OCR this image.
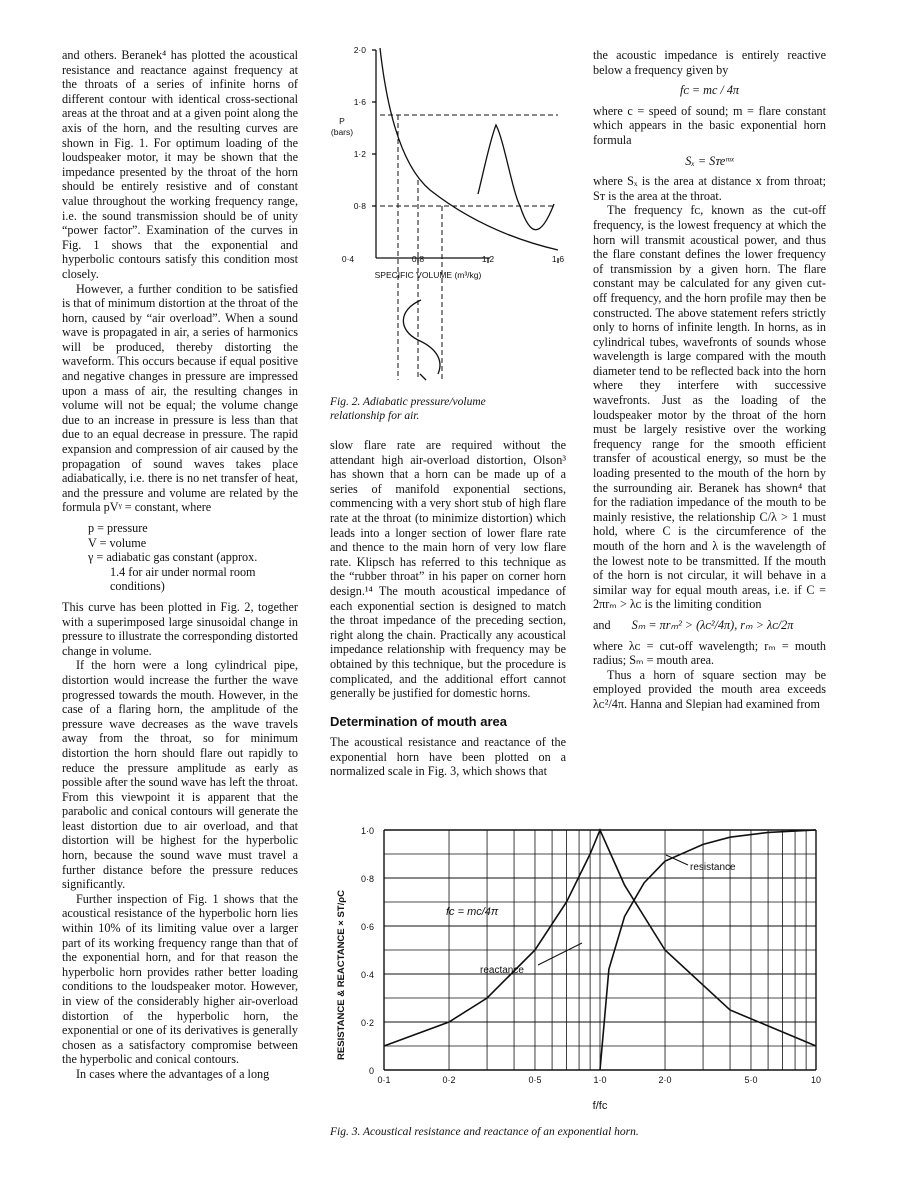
and others. Beranek⁴ has plotted the acoustical resistance and reactance against frequency at the throats of a series of infinite horns of different contour with identical cross-sectional areas at the throat and at a given point along the axis of the horn, and the resulting curves are shown in Fig. 1. For optimum loading of the loudspeaker motor, it may be shown that the impedance presented by the throat of the horn should be entirely resistive and of constant value throughout the working frequency range, i.e. the sound transmission should be of unity “power factor”. Examination of the curves in Fig. 1 shows that the exponential and hyperbolic contours satisfy this condition most closely.

However, a further condition to be satisfied is that of minimum distortion at the throat of the horn, caused by “air overload”. When a sound wave is propagated in air, a series of harmonics will be produced, thereby distorting the waveform. This occurs because if equal positive and negative changes in pressure are impressed upon a mass of air, the resulting changes in volume will not be equal; the volume change due to an increase in pressure is less than that due to an equal decrease in pressure. The rapid expansion and compression of air caused by the propagation of sound waves takes place adiabatically, i.e. there is no net transfer of heat, and the pressure and volume are related by the formula pVᵞ = constant, where

p = pressure
V = volume
γ = adiabatic gas constant (approx.
1.4 for air under normal room
conditions)

This curve has been plotted in Fig. 2, together with a superimposed large sinusoidal change in pressure to illustrate the corresponding distorted change in volume.

If the horn were a long cylindrical pipe, distortion would increase the further the wave progressed towards the mouth. However, in the case of a flaring horn, the amplitude of the pressure wave decreases as the wave travels away from the throat, so for minimum distortion the horn should flare out rapidly to reduce the pressure amplitude as early as possible after the sound wave has left the throat. From this viewpoint it is apparent that the parabolic and conical contours will generate the least distortion due to air overload, and that distortion will be highest for the hyperbolic horn, because the sound wave must travel a further distance before the pressure reduces significantly.

Further inspection of Fig. 1 shows that the acoustical resistance of the hyperbolic horn lies within 10% of its limiting value over a larger part of its working frequency range than that of the exponential horn, and for that reason the hyperbolic horn provides rather better loading conditions to the loudspeaker motor. However, in view of the considerably higher air-overload distortion of the hyperbolic horn, the exponential or one of its derivatives is generally chosen as a satisfactory compromise between the hyperbolic and conical contours.

In cases where the advantages of a long

2·0
1·6
1·2
0·8
0·4	0·8	1·2	1·6
P
(bars)
SPECIFIC VOLUME (m³/kg)
Fig. 2. Adiabatic pressure/volume relationship for air.

slow flare rate are required without the attendant high air-overload distortion, Olson³ has shown that a horn can be made up of a series of manifold exponential sections, commencing with a very short stub of high flare rate at the throat (to minimize distortion) which leads into a longer section of lower flare rate and thence to the main horn of very low flare rate. Klipsch has referred to this technique as the “rubber throat” in his paper on corner horn design.¹⁴ The mouth acoustical impedance of each exponential section is designed to match the throat impedance of the preceding section, right along the chain. Practically any acoustical impedance relationship with frequency may be obtained by this technique, but the procedure is complicated, and the additional effort cannot generally be justified for domestic horns.

Determination of mouth area

The acoustical resistance and reactance of the exponential horn have been plotted on a normalized scale in Fig. 3, which shows that

the acoustic impedance is entirely reactive below a frequency given by

fᴄ = mc / 4π

where c = speed of sound; m = flare constant which appears in the basic exponential horn formula

Sₓ = Sᴛeᵐˣ

where Sₓ is the area at distance x from throat; Sᴛ is the area at the throat.

The frequency fᴄ, known as the cut-off frequency, is the lowest frequency at which the horn will transmit acoustical power, and thus the flare constant defines the lower frequency of transmission by a given horn. The flare constant may be calculated for any given cut-off frequency, and the horn profile may then be constructed. The above statement refers strictly only to horns of infinite length. In horns, as in cylindrical tubes, wavefronts of sounds whose wavelength is large compared with the mouth diameter tend to be reflected back into the horn where they interfere with successive wavefronts. Just as the loading of the loudspeaker motor by the throat of the horn must be largely resistive over the working frequency range for the smooth efficient transfer of acoustical energy, so must be the loading presented to the mouth of the horn by the surrounding air. Beranek has shown⁴ that for the radiation impedance of the mouth to be mainly resistive, the relationship C/λ > 1 must hold, where C is the circumference of the mouth of the horn and λ is the wavelength of the lowest note to be transmitted. If the mouth of the horn is not circular, it will behave in a similar way for equal mouth areas, i.e. if C = 2πrₘ > λᴄ is the limiting condition

and Sₘ = πrₘ² > (λᴄ²/4π), rₘ > λᴄ/2π

where λᴄ = cut-off wavelength; rₘ = mouth radius; Sₘ = mouth area.

Thus a horn of square section may be employed provided the mouth area exceeds λᴄ²/4π. Hanna and Slepian had examined from

1·0
0·8
0·6
0·4
0·2
0
0·1	0·2	0·5	1·0	2·0	5·0	10
f/fc
RESISTANCE & REACTANCE × ST/ρC
resistance
reactance
fc = mc/4π
Fig. 3. Acoustical resistance and reactance of an exponential horn.
